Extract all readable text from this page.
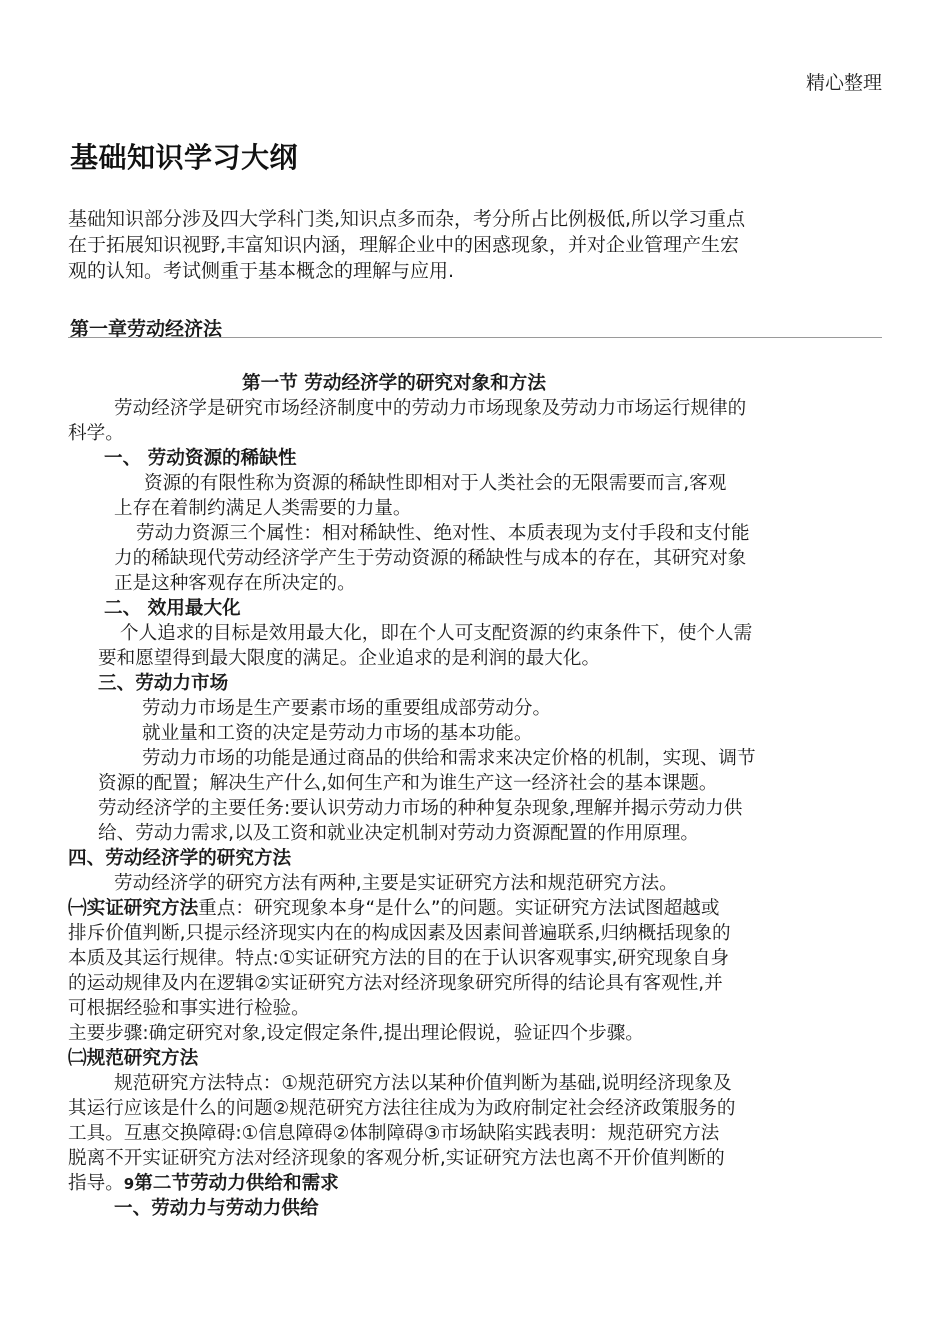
精心整理
基础知识学习大纲

基础知识部分涉及四大学科门类,知识点多而杂，考分所占比例极低,所以学习重点

在于拓展知识视野,丰富知识内涵，理解企业中的困惑现象，并对企业管理产生宏

观的认知。考试侧重于基本概念的理解与应用.

第一章劳动经济法
第一节 劳动经济学的研究对象和方法
劳动经济学是研究市场经济制度中的劳动力市场现象及劳动力市场运行规律的
科学。
一、 劳动资源的稀缺性
资源的有限性称为资源的稀缺性即相对于人类社会的无限需要而言,客观
上存在着制约满足人类需要的力量。
劳动力资源三个属性：相对稀缺性、绝对性、本质表现为支付手段和支付能
力的稀缺现代劳动经济学产生于劳动资源的稀缺性与成本的存在，其研究对象
正是这种客观存在所决定的。
二、 效用最大化
个人追求的目标是效用最大化，即在个人可支配资源的约束条件下，使个人需
要和愿望得到最大限度的满足。企业追求的是利润的最大化。
三、劳动力市场
劳动力市场是生产要素市场的重要组成部劳动分。
就业量和工资的决定是劳动力市场的基本功能。
劳动力市场的功能是通过商品的供给和需求来决定价格的机制，实现、调节
资源的配置；解决生产什么,如何生产和为谁生产这一经济社会的基本课题。
劳动经济学的主要任务:要认识劳动力市场的种种复杂现象,理解并揭示劳动力供
给、劳动力需求,以及工资和就业决定机制对劳动力资源配置的作用原理。
四、劳动经济学的研究方法
劳动经济学的研究方法有两种,主要是实证研究方法和规范研究方法。
㈠实证研究方法重点：研究现象本身“是什么”的问题。实证研究方法试图超越或
排斥价值判断,只提示经济现实内在的构成因素及因素间普遍联系,归纳概括现象的
本质及其运行规律。特点:①实证研究方法的目的在于认识客观事实,研究现象自身
的运动规律及内在逻辑②实证研究方法对经济现象研究所得的结论具有客观性,并
可根据经验和事实进行检验。
主要步骤:确定研究对象,设定假定条件,提出理论假说，验证四个步骤。
㈡规范研究方法
规范研究方法特点：①规范研究方法以某种价值判断为基础,说明经济现象及
其运行应该是什么的问题②规范研究方法往往成为为政府制定社会经济政策服务的
工具。互惠交换障碍:①信息障碍②体制障碍③市场缺陷实践表明：规范研究方法
脱离不开实证研究方法对经济现象的客观分析,实证研究方法也离不开价值判断的
指导。9第二节劳动力供给和需求
一、劳动力与劳动力供给
